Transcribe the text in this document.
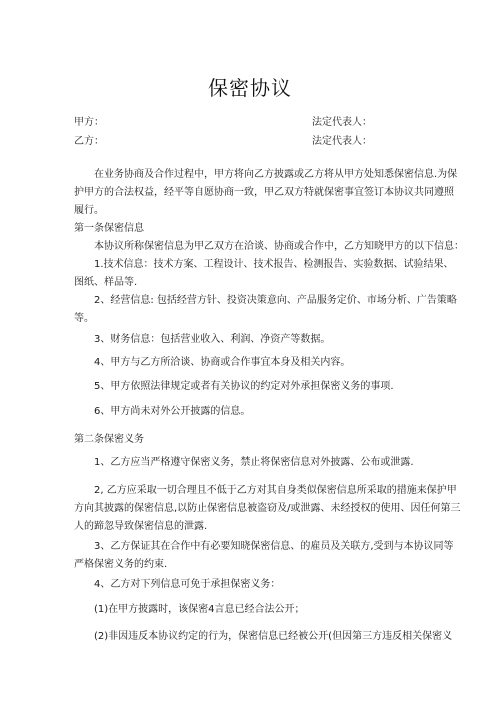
保密协议
甲方：	法定代表人：
乙方：	法定代表人：
　　在业务协商及合作过程中，甲方将向乙方披露或乙方将从甲方处知悉保密信息.为保
护甲方的合法权益，经平等自愿协商一致，甲乙双方特就保密事宜签订本协议共同遵照
履行。
第一条保密信息
　　本协议所称保密信息为甲乙双方在洽谈、协商或合作中，乙方知晓甲方的以下信息：
　　1.技术信息：技术方案、工程设计、技术报告、检测报告、实验数据、试验结果、
图纸、样品等.
　　2、经营信息: 包括经营方针、投资决策意向、产品服务定价、市场分析、广告策略
等。
　　3、财务信息：包括营业收入、利润、净资产等数据。
　　4、甲方与乙方所洽谈、协商或合作事宜本身及相关内容。
　　5、甲方依照法律规定或者有关协议的约定对外承担保密义务的事项.
　　6、甲方尚未对外公开披露的信息。
第二条保密义务
　　1、乙方应当严格遵守保密义务，禁止将保密信息对外披露、公布或泄露.
　　2, 乙方应采取一切合理且不低于乙方对其自身类似保密信息所采取的措施来保护甲
方向其披露的保密信息,以防止保密信息被盗窃及/或泄露、未经授权的使用、因任何第三
人的蹄忽导致保密信息的泄露.
　　3、乙方保证其在合作中有必要知晓保密信息、的雇员及关联方,受到与本协议同等
严格保密义务的约束.
　　4、乙方对下列信息可免于承担保密义务：
　　(1)在甲方披露时，该保密4言息已经合法公开；
　　(2)非因违反本协议约定的行为，保密信息已经被公开(但因第三方违反相关保密义
